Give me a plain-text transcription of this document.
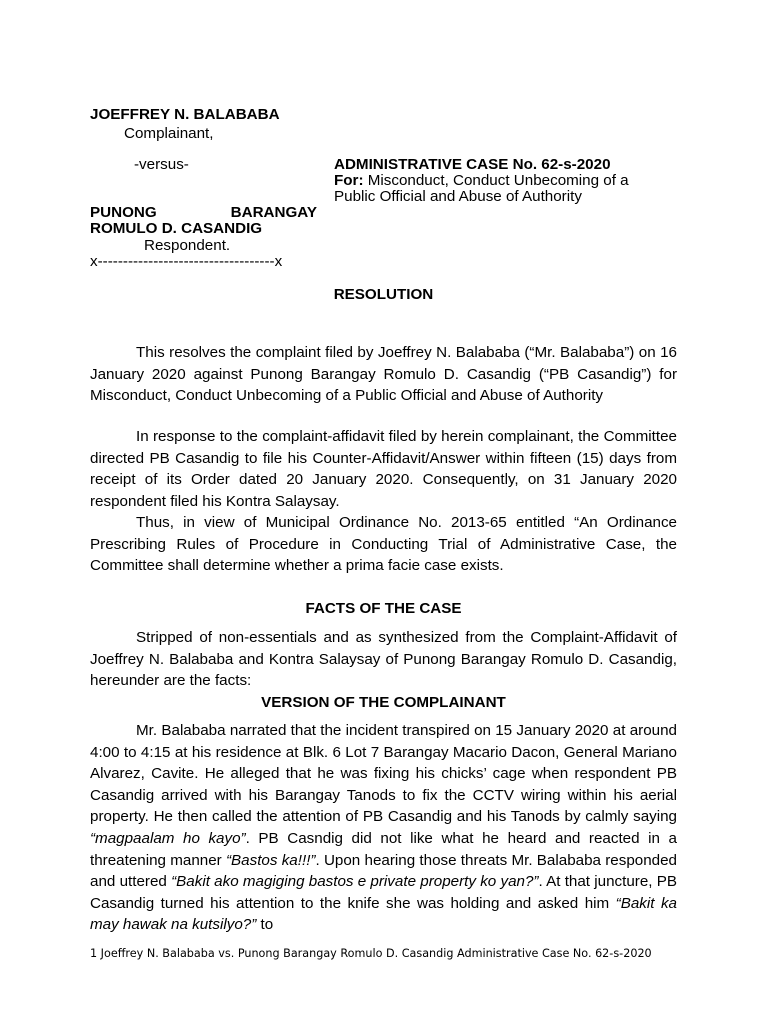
JOEFFREY N. BALABABA

Complainant,

-versus-	ADMINISTRATIVE CASE No. 62-s-2020

For: Misconduct, Conduct Unbecoming of a

Public Official and Abuse of Authority

PUNONG	BARANGAY

ROMULO D. CASANDIG

Respondent.

x-----------------------------------x

RESOLUTION

This resolves the complaint filed by Joeffrey N. Balababa (“Mr. Balababa”) on 16 January 2020 against Punong Barangay Romulo D. Casandig (“PB Casandig”) for Misconduct, Conduct Unbecoming of a Public Official and Abuse of Authority

In response to the complaint-affidavit filed by herein complainant, the Committee directed PB Casandig to file his Counter-Affidavit/Answer within fifteen (15) days from receipt of its Order dated 20 January 2020. Consequently, on 31 January 2020 respondent filed his Kontra Salaysay.

Thus, in view of Municipal Ordinance No. 2013-65 entitled “An Ordinance Prescribing Rules of Procedure in Conducting Trial of Administrative Case, the Committee shall determine whether a prima facie case exists.

FACTS OF THE CASE

Stripped of non-essentials and as synthesized from the Complaint-Affidavit of Joeffrey N. Balababa and Kontra Salaysay of Punong Barangay Romulo D. Casandig, hereunder are the facts:

VERSION OF THE COMPLAINANT

Mr. Balababa narrated that the incident transpired on 15 January 2020 at around 4:00 to 4:15 at his residence at Blk. 6 Lot 7 Barangay Macario Dacon, General Mariano Alvarez, Cavite. He alleged that he was fixing his chicks’ cage when respondent PB Casandig arrived with his Barangay Tanods to fix the CCTV wiring within his aerial property. He then called the attention of PB Casandig and his Tanods by calmly saying “magpaalam ho kayo”. PB Casndig did not like what he heard and reacted in a threatening manner “Bastos ka!!!”. Upon hearing those threats Mr. Balababa responded and uttered “Bakit ako magiging bastos e private property ko yan?”. At that juncture, PB Casandig turned his attention to the knife she was holding and asked him “Bakit ka may hawak na kutsilyo?” to

1 Joeffrey N. Balababa vs. Punong Barangay Romulo D. Casandig Administrative Case No. 62-s-2020
